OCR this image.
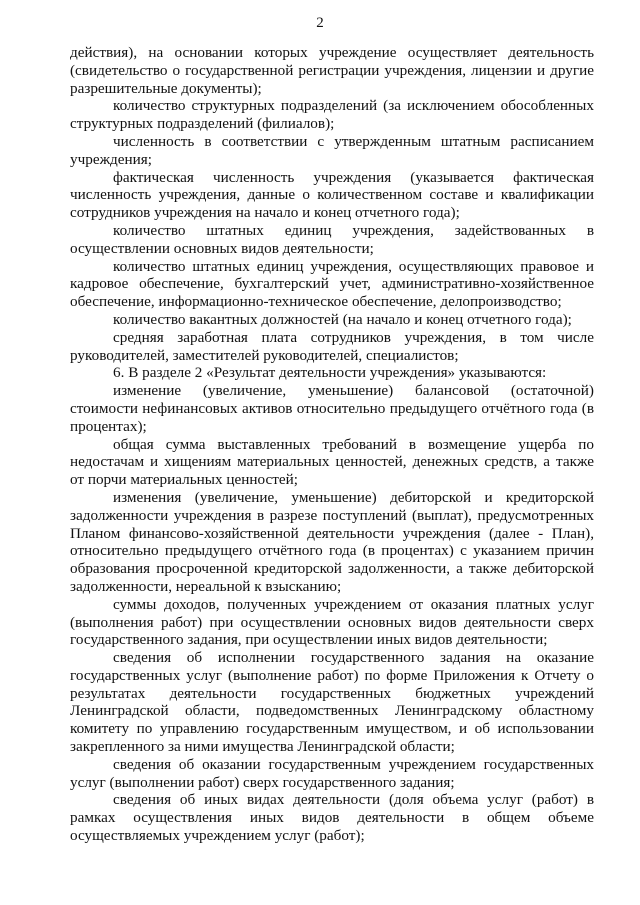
2

действия), на основании которых учреждение осуществляет деятельность (свидетельство о государственной регистрации учреждения, лицензии и другие разрешительные документы);

количество структурных подразделений (за исключением обособленных структурных подразделений (филиалов);

численность в соответствии с утвержденным штатным расписанием учреждения;

фактическая численность учреждения (указывается фактическая численность учреждения, данные о количественном составе и квалификации сотрудников учреждения на начало и конец отчетного года);

количество штатных единиц учреждения, задействованных в осуществлении основных видов деятельности;

количество штатных единиц учреждения, осуществляющих правовое и кадровое обеспечение, бухгалтерский учет, административно-хозяйственное обеспечение, информационно-техническое обеспечение, делопроизводство;

количество вакантных должностей (на начало и конец отчетного года);

средняя заработная плата сотрудников учреждения, в том числе руководителей, заместителей руководителей, специалистов;

6. В разделе 2 «Результат деятельности учреждения» указываются:

изменение (увеличение, уменьшение) балансовой (остаточной) стоимости нефинансовых активов относительно предыдущего отчётного года (в процентах);

общая сумма выставленных требований в возмещение ущерба по недостачам и хищениям материальных ценностей, денежных средств, а также от порчи материальных ценностей;

изменения (увеличение, уменьшение) дебиторской и кредиторской задолженности учреждения в разрезе поступлений (выплат), предусмотренных Планом финансово-хозяйственной деятельности учреждения (далее - План), относительно предыдущего отчётного года (в процентах) с указанием причин образования просроченной кредиторской задолженности, а также дебиторской задолженности, нереальной к взысканию;

суммы доходов, полученных учреждением от оказания платных услуг (выполнения работ) при осуществлении основных видов деятельности сверх государственного задания, при осуществлении иных видов деятельности;

сведения об исполнении государственного задания на оказание государственных услуг (выполнение работ) по форме Приложения к Отчету о результатах деятельности государственных бюджетных учреждений Ленинградской области, подведомственных Ленинградскому областному комитету по управлению государственным имуществом, и об использовании закрепленного за ними имущества Ленинградской области;

сведения об оказании государственным учреждением государственных услуг (выполнении работ) сверх государственного задания;

сведения об иных видах деятельности (доля объема услуг (работ) в рамках осуществления иных видов деятельности в общем объеме осуществляемых учреждением услуг (работ);
